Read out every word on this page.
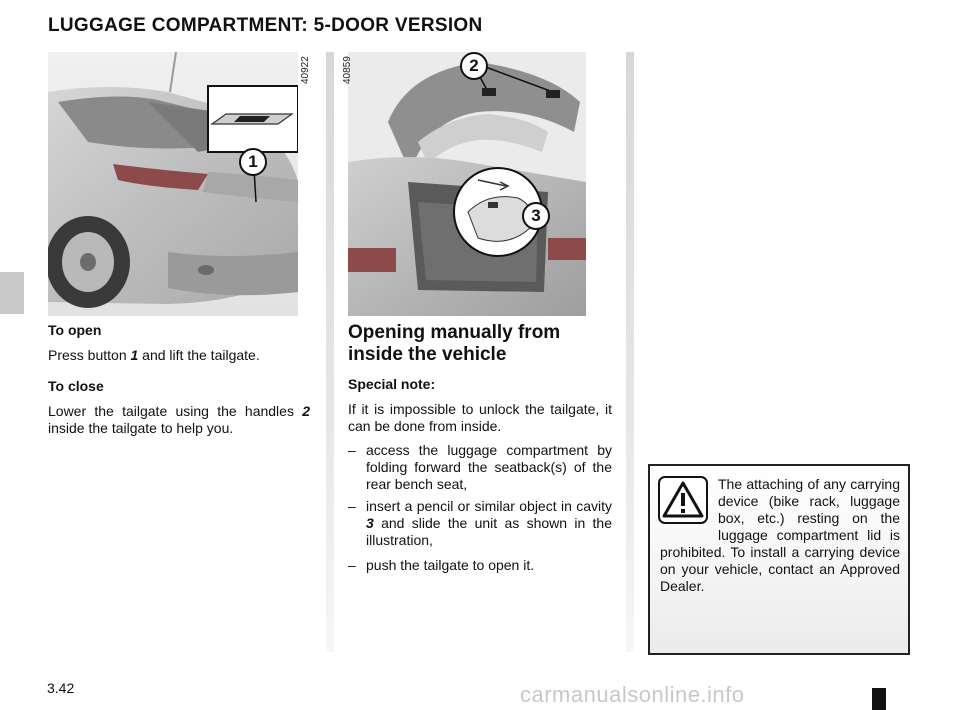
LUGGAGE COMPARTMENT: 5-DOOR VERSION
1
40922	2
3
40859
To open
Press button 1 and lift the tailgate.
To close
Lower the tailgate using the handles 2 inside the tailgate to help you.
Opening manually from inside the vehicle
Special note:
If it is impossible to unlock the tailgate, it can be done from inside.
– access the luggage compartment by folding forward the seatback(s) of the rear bench seat,
– insert a pencil or similar object in cavity 3 and slide the unit as shown in the illustration,
– push the tailgate to open it.
The attaching of any carrying device (bike rack, luggage box, etc.) resting on the luggage compartment lid is prohibited. To install a carrying device on your vehicle, contact an Approved Dealer.
3.42	carmanualsonline.info
